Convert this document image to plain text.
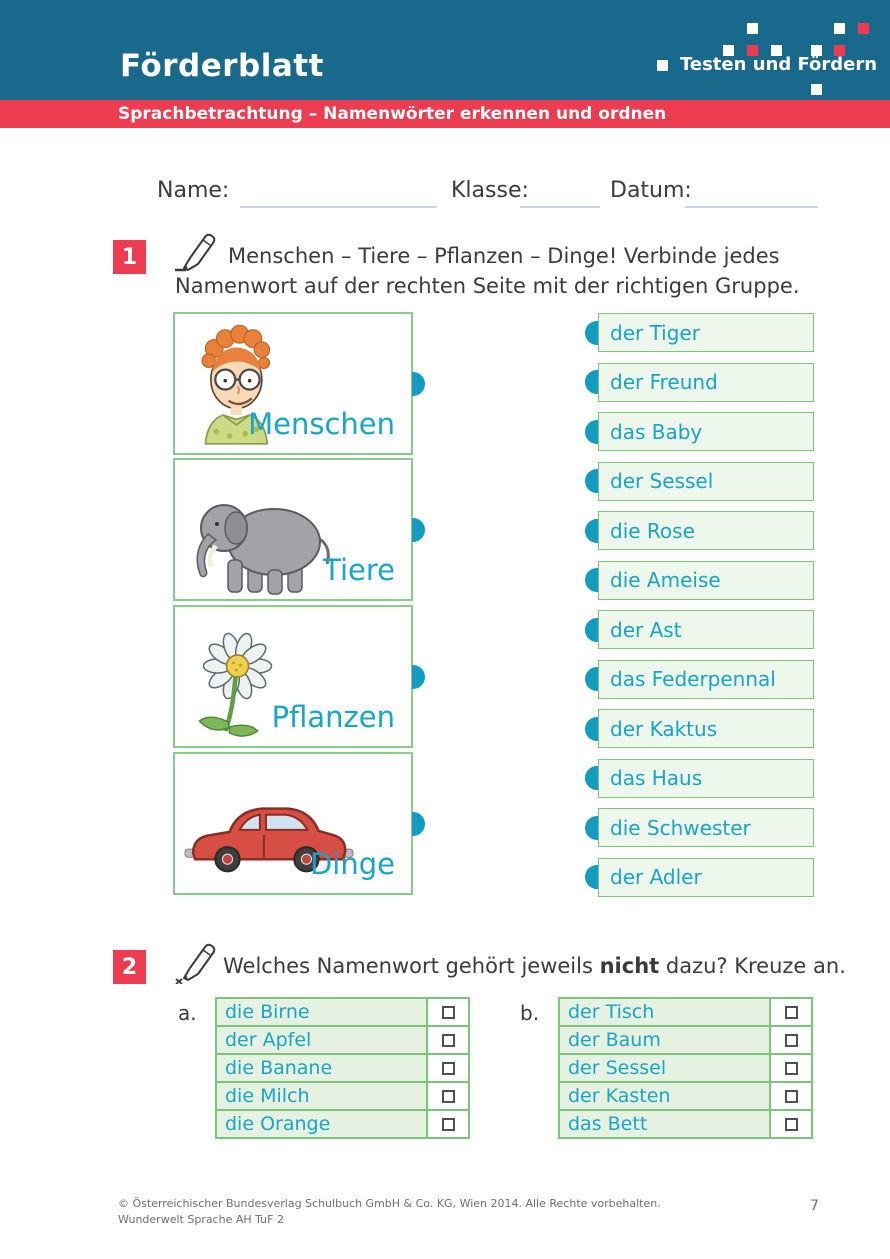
Förderblatt	Testen und Fördern
Sprachbetrachtung – Namenwörter erkennen und ordnen
Name:	Klasse:	Datum:
1	Menschen – Tiere – Pflanzen – Dinge! Verbinde jedes
Namenwort auf der rechten Seite mit der richtigen Gruppe.
Menschen
Tiere
Pflanzen
Dinge
der Tiger
der Freund
das Baby
der Sessel
die Rose
die Ameise
der Ast
das Federpennal
der Kaktus
das Haus
die Schwester
der Adler
2	Welches Namenwort gehört jeweils nicht dazu? Kreuze an.
a.	die Birne
der Apfel
die Banane
die Milch
die Orange
b.	der Tisch
der Baum
der Sessel
der Kasten
das Bett
© Österreichischer Bundesverlag Schulbuch GmbH & Co. KG, Wien 2014. Alle Rechte vorbehalten.
Wunderwelt Sprache AH TuF 2
7
